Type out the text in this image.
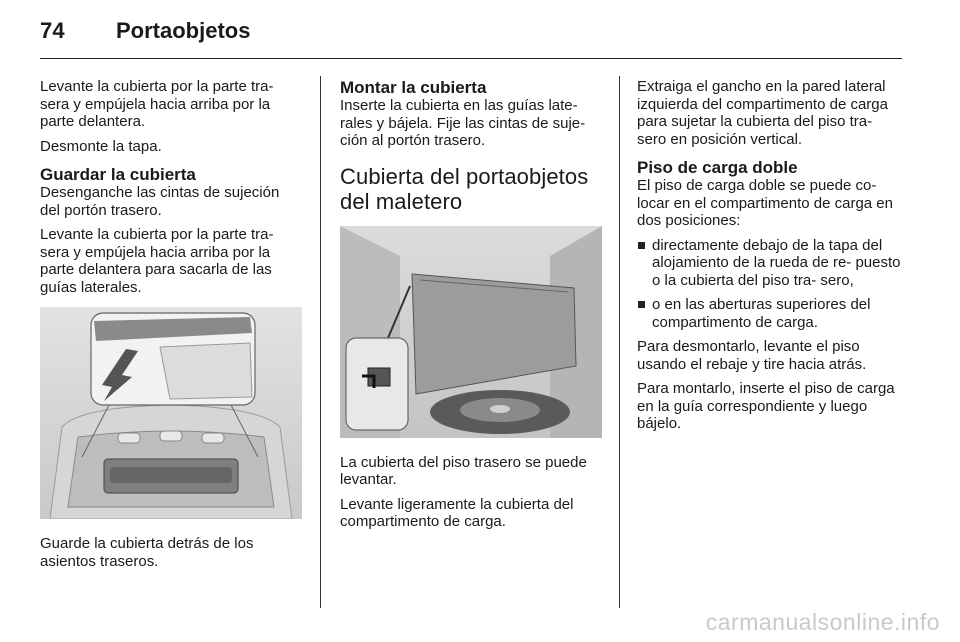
74 Portaobjetos

Levante la cubierta por la parte tra- sera y empújela hacia arriba por la parte delantera.

Desmonte la tapa.

Guardar la cubierta

Desenganche las cintas de sujeción del portón trasero.

Levante la cubierta por la parte tra- sera y empújela hacia arriba por la parte delantera para sacarla de las guías laterales.

Guarde la cubierta detrás de los asientos traseros.

Montar la cubierta

Inserte la cubierta en las guías late- rales y bájela. Fije las cintas de suje- ción al portón trasero.

Cubierta del portaobjetos del maletero

La cubierta del piso trasero se puede levantar.

Levante ligeramente la cubierta del compartimento de carga.

Extraiga el gancho en la pared lateral izquierda del compartimento de carga para sujetar la cubierta del piso tra- sero en posición vertical.

Piso de carga doble

El piso de carga doble se puede co- locar en el compartimento de carga en dos posiciones:

directamente debajo de la tapa del alojamiento de la rueda de re- puesto o la cubierta del piso tra- sero,
o en las aberturas superiores del compartimento de carga.

Para desmontarlo, levante el piso usando el rebaje y tire hacia atrás.

Para montarlo, inserte el piso de carga en la guía correspondiente y luego bájelo.

carmanualsonline.info
